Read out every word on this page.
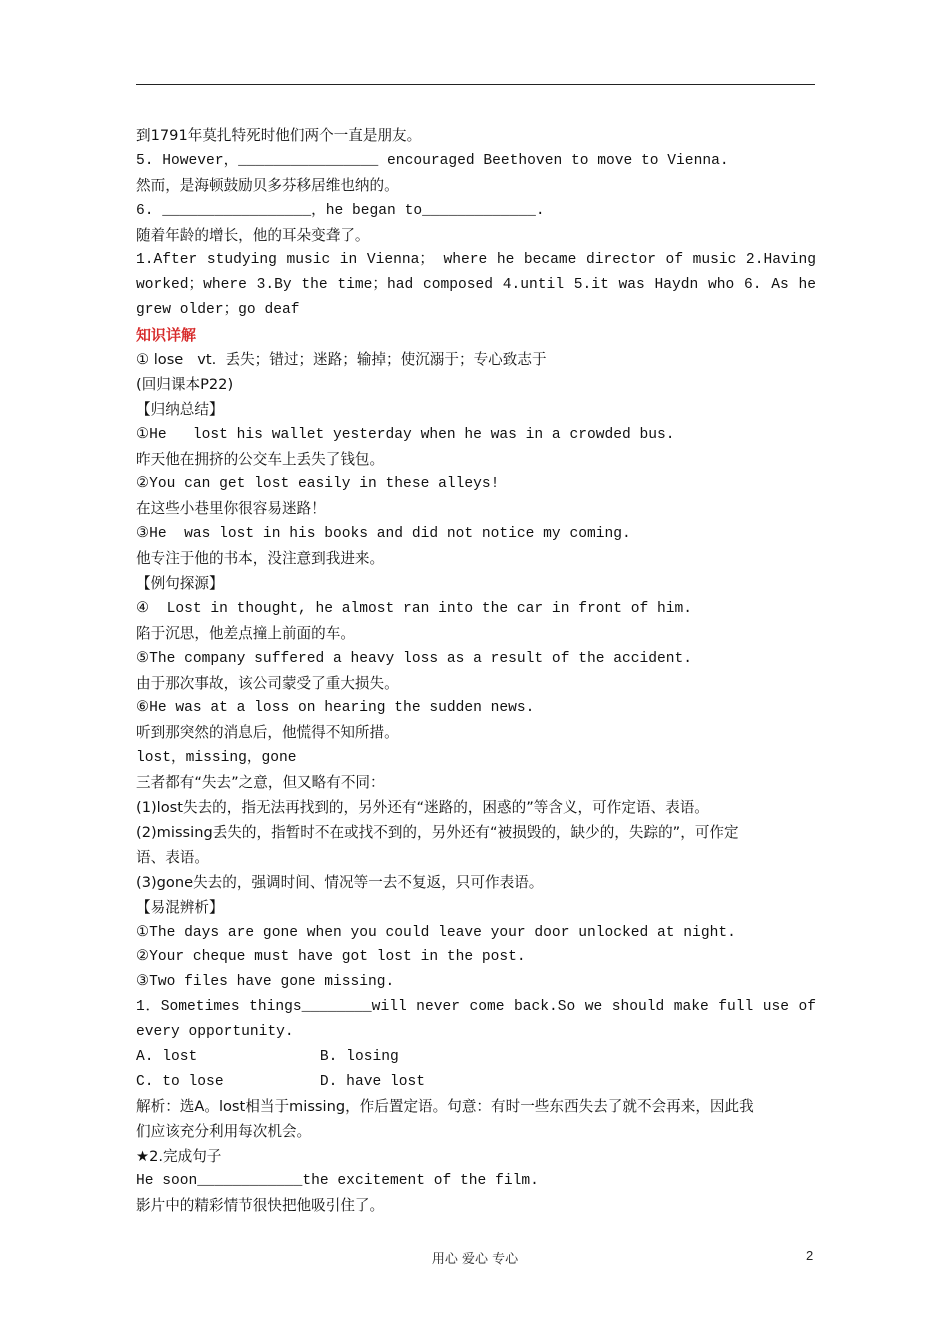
到1791年莫扎特死时他们两个一直是朋友。
5. However，________________ encouraged Beethoven to move to Vienna.
然而，是海顿鼓励贝多芬移居维也纳的。
6. _________________，he began to_____________.
随着年龄的增长，他的耳朵变聋了。
1.After studying music in Vienna； where he became director of music 2.Having
worked；where 3.By the time；had composed 4.until 5.it was Haydn who 6. As he
grew older；go deaf
知识详解
① lose   vt.  丢失；错过；迷路；输掉；使沉溺于；专心致志于
(回归课本P22)
【归纳总结】
①He   lost his wallet yesterday when he was in a crowded bus.
昨天他在拥挤的公交车上丢失了钱包。
②You can get lost easily in these alleys!
在这些小巷里你很容易迷路！
③He  was lost in his books and did not notice my coming.
他专注于他的书本，没注意到我进来。
【例句探源】
④  Lost in thought, he almost ran into the car in front of him.
陷于沉思，他差点撞上前面的车。
⑤The company suffered a heavy loss as a result of the accident.
由于那次事故，该公司蒙受了重大损失。
⑥He was at a loss on hearing the sudden news.
听到那突然的消息后，他慌得不知所措。
lost，missing，gone
三者都有“失去”之意，但又略有不同：
(1)lost失去的，指无法再找到的，另外还有“迷路的，困惑的”等含义，可作定语、表语。
(2)missing丢失的，指暂时不在或找不到的，另外还有“被损毁的，缺少的，失踪的”，可作定
语、表语。
(3)gone失去的，强调时间、情况等一去不复返，只可作表语。
【易混辨析】
①The days are gone when you could leave your door unlocked at night.
②Your cheque must have got lost in the post.
③Two files have gone missing.
1．Sometimes things________will never come back.So we should make full use of
every opportunity.
A. lost              B. losing
C. to lose           D. have lost
解析：选A。lost相当于missing，作后置定语。句意：有时一些东西失去了就不会再来，因此我
们应该充分利用每次机会。
★2.完成句子
He soon____________the excitement of the film.
影片中的精彩情节很快把他吸引住了。
用心 爱心 专心	2
